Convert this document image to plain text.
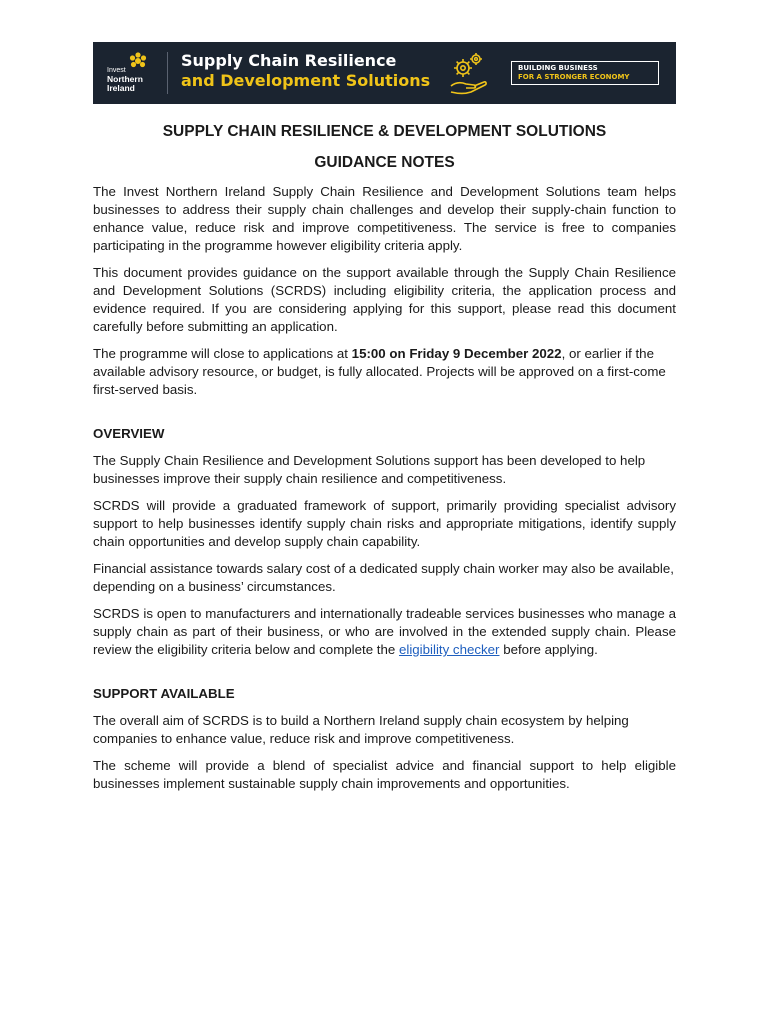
Invest
Northern
Ireland
Supply Chain Resilience
and Development Solutions
BUILDING BUSINESS
FOR A STRONGER ECONOMY
SUPPLY CHAIN RESILIENCE & DEVELOPMENT SOLUTIONS
GUIDANCE NOTES

The Invest Northern Ireland Supply Chain Resilience and Development Solutions team helps businesses to address their supply chain challenges and develop their supply-chain function to enhance value, reduce risk and improve competitiveness. The service is free to companies participating in the programme however eligibility criteria apply.

This document provides guidance on the support available through the Supply Chain Resilience and Development Solutions (SCRDS) including eligibility criteria, the application process and evidence required. If you are considering applying for this support, please read this document carefully before submitting an application.

The programme will close to applications at 15:00 on Friday 9 December 2022, or earlier if the available advisory resource, or budget, is fully allocated. Projects will be approved on a first-come first-served basis.

OVERVIEW

The Supply Chain Resilience and Development Solutions support has been developed to help businesses improve their supply chain resilience and competitiveness.

SCRDS will provide a graduated framework of support, primarily providing specialist advisory support to help businesses identify supply chain risks and appropriate mitigations, identify supply chain opportunities and develop supply chain capability.

Financial assistance towards salary cost of a dedicated supply chain worker may also be available, depending on a business’ circumstances.

SCRDS is open to manufacturers and internationally tradeable services businesses who manage a supply chain as part of their business, or who are involved in the extended supply chain. Please review the eligibility criteria below and complete the eligibility checker before applying.

SUPPORT AVAILABLE

The overall aim of SCRDS is to build a Northern Ireland supply chain ecosystem by helping companies to enhance value, reduce risk and improve competitiveness.

The scheme will provide a blend of specialist advice and financial support to help eligible businesses implement sustainable supply chain improvements and opportunities.
